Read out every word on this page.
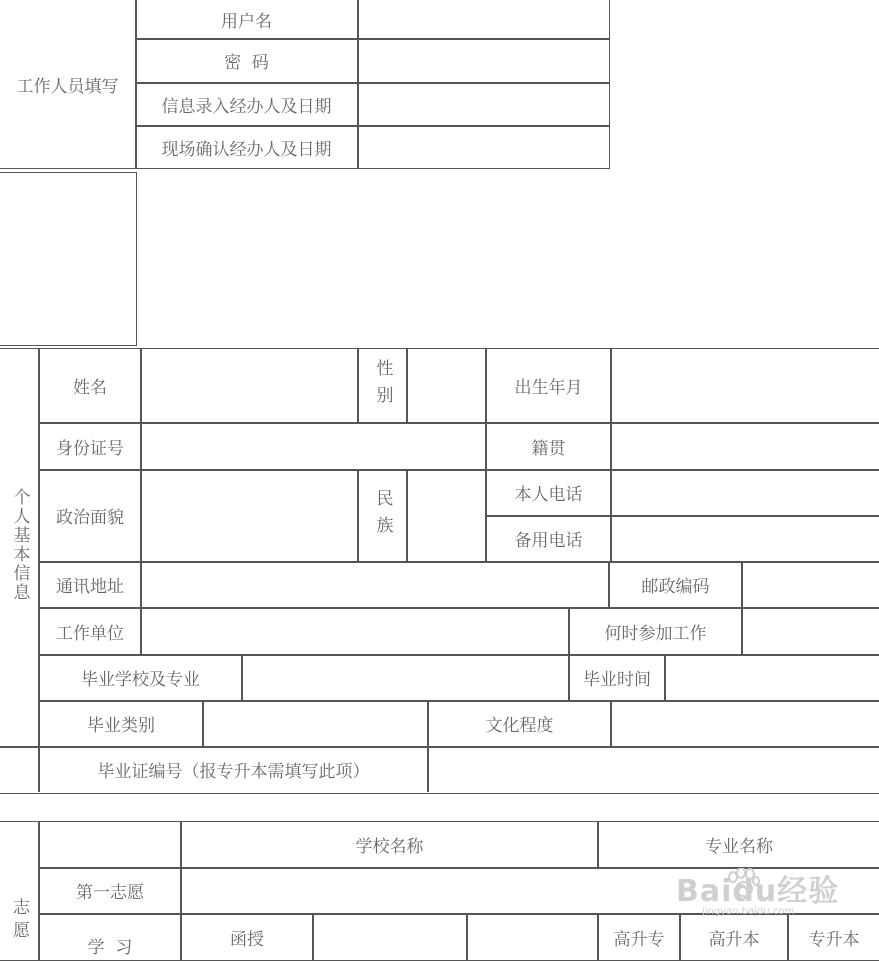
工作人员填写
用户名
密  码
信息录入经办人及日期
现场确认经办人及日期
个人基本信息
姓名	性别	出生年月
身份证号	籍贯
政治面貌	民族	本人电话
备用电话
通讯地址	邮政编码
工作单位	何时参加工作
毕业学校及专业	毕业时间
毕业类别	文化程度
毕业证编号（报专升本需填写此项）
志愿
学校名称	专业名称
第一志愿
学  习	函授	高升专	高升本	专升本
Baidu经验
jingyan.baidu.com
